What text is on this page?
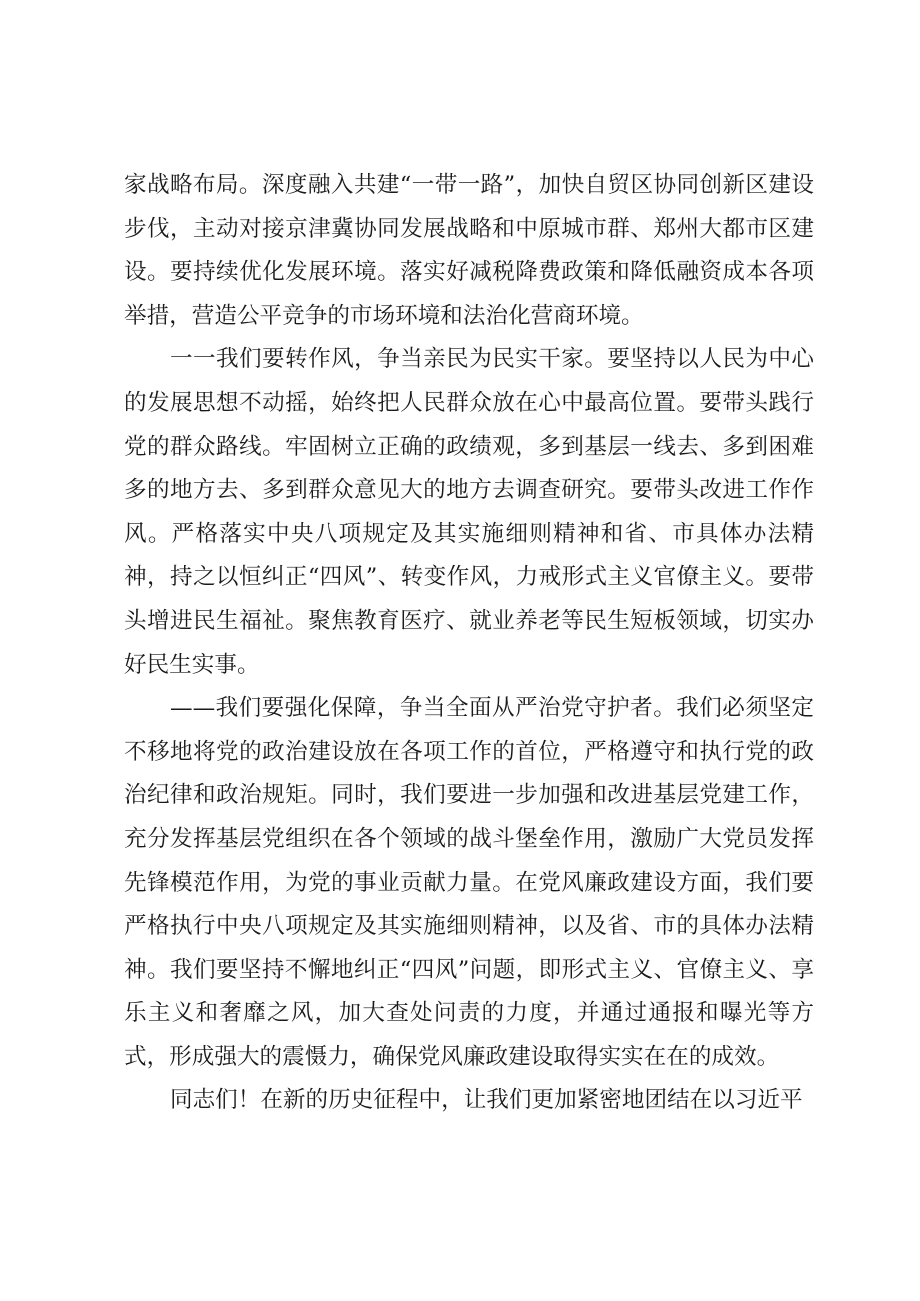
家战略布局。深度融入共建“一带一路”，加快自贸区协同创新区建设步伐，主动对接京津冀协同发展战略和中原城市群、郑州大都市区建设。要持续优化发展环境。落实好减税降费政策和降低融资成本各项举措，营造公平竞争的市场环境和法治化营商环境。

一一我们要转作风，争当亲民为民实干家。要坚持以人民为中心的发展思想不动摇，始终把人民群众放在心中最高位置。要带头践行党的群众路线。牢固树立正确的政绩观，多到基层一线去、多到困难多的地方去、多到群众意见大的地方去调查研究。要带头改进工作作风。严格落实中央八项规定及其实施细则精神和省、市具体办法精神，持之以恒纠正“四风”、转变作风，力戒形式主义官僚主义。要带头增进民生福祉。聚焦教育医疗、就业养老等民生短板领域，切实办好民生实事。

——我们要强化保障，争当全面从严治党守护者。我们必须坚定不移地将党的政治建设放在各项工作的首位，严格遵守和执行党的政治纪律和政治规矩。同时，我们要进一步加强和改进基层党建工作，充分发挥基层党组织在各个领域的战斗堡垒作用，激励广大党员发挥先锋模范作用，为党的事业贡献力量。在党风廉政建设方面，我们要严格执行中央八项规定及其实施细则精神，以及省、市的具体办法精神。我们要坚持不懈地纠正“四风”问题，即形式主义、官僚主义、享乐主义和奢靡之风，加大查处问责的力度，并通过通报和曝光等方式，形成强大的震慑力，确保党风廉政建设取得实实在在的成效。

同志们！在新的历史征程中，让我们更加紧密地团结在以习近平
